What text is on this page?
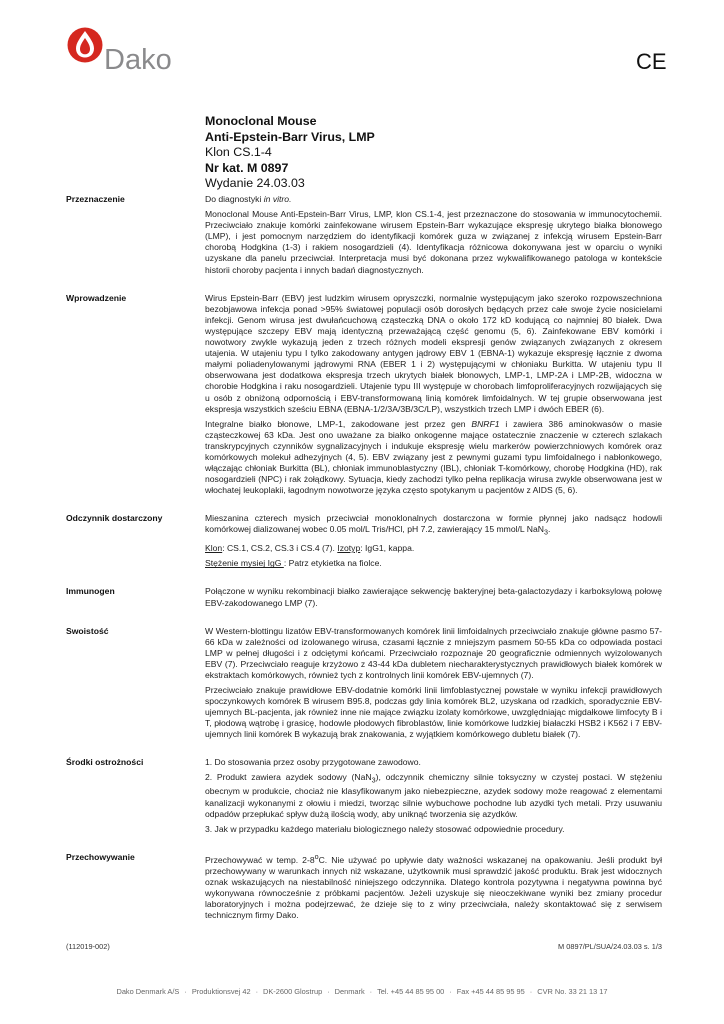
Dako	CE
Monoclonal Mouse
Anti-Epstein-Barr Virus, LMP
Klon CS.1-4
Nr kat. M 0897
Wydanie 24.03.03
Przeznaczenie	Do diagnostyki in vitro.

Monoclonal Mouse Anti-Epstein-Barr Virus, LMP, klon CS.1-4, jest przeznaczone do stosowania w immunocytochemii. Przeciwciało znakuje komórki zainfekowane wirusem Epstein-Barr wykazujące ekspresję ukrytego białka błonowego (LMP), i jest pomocnym narzędziem do identyfikacji komórek guza w związanej z infekcją wirusem Epstein-Barr chorobą Hodgkina (1-3) i rakiem nosogardzieli (4). Identyfikacja różnicowa dokonywana jest w oparciu o wyniki uzyskane dla panelu przeciwciał. Interpretacja musi być dokonana przez wykwalifikowanego patologa w kontekście historii choroby pacjenta i innych badań diagnostycznych.

Wprowadzenie	Wirus Epstein-Barr (EBV) jest ludzkim wirusem opryszczki, normalnie występującym jako szeroko rozpowszechniona bezobjawowa infekcja ponad >95% światowej populacji osób dorosłych będących przez całe swoje życie nosicielami infekcji. Genom wirusa jest dwułańcuchową cząsteczką DNA o około 172 kD kodującą co najmniej 80 białek. Dwa występujące szczepy EBV mają identyczną przeważającą część genomu (5, 6). Zainfekowane EBV komórki i nowotwory zwykle wykazują jeden z trzech różnych modeli ekspresji genów związanych związanych z okresem utajenia. W utajeniu typu I tylko zakodowany antygen jądrowy EBV 1 (EBNA-1) wykazuje ekspresję łącznie z dwoma małymi poliadenylowanymi jądrowymi RNA (EBER 1 i 2) występującymi w chłoniaku Burkitta. W utajeniu typu II obserwowana jest dodatkowa ekspresja trzech ukrytych białek błonowych, LMP-1, LMP-2A i LMP-2B, widoczna w chorobie Hodgkina i raku nosogardzieli. Utajenie typu III występuje w chorobach limfoproliferacyjnych rozwijających się u osób z obniżoną odpornością i EBV-transformowaną linią komórek limfoidalnych. W tej grupie obserwowana jest ekspresja wszystkich sześciu EBNA (EBNA-1/2/3A/3B/3C/LP), wszystkich trzech LMP i dwóch EBER (6).

Integralne białko błonowe, LMP-1, zakodowane jest przez gen BNRF1 i zawiera 386 aminokwasów o masie cząsteczkowej 63 kDa. Jest ono uważane za białko onkogenne mające ostatecznie znaczenie w czterech szlakach transkrypcyjnych czynników sygnalizacyjnych i indukuje ekspresję wielu markerów powierzchniowych komórek oraz komórkowych molekuł adhezyjnych (4, 5). EBV związany jest z pewnymi guzami typu limfoidalnego i nabłonkowego, włączając chłoniak Burkitta (BL), chłoniak immunoblastyczny (IBL), chłoniak T-komórkowy, chorobę Hodgkina (HD), rak nosogardzieli (NPC) i rak żołądkowy. Sytuacja, kiedy zachodzi tylko pełna replikacja wirusa zwykle obserwowana jest w włochatej leukoplakii, łagodnym nowotworze języka często spotykanym u pacjentów z AIDS (5, 6).

Odczynnik dostarczony	Mieszanina czterech mysich przeciwciał monoklonalnych dostarczona w formie płynnej jako nadsącz hodowli komórkowej dializowanej wobec 0.05 mol/L Tris/HCl, pH 7.2, zawierający 15 mmol/L NaN$_3$.

Klon: CS.1, CS.2, CS.3 i CS.4 (7). Izotyp: IgG1, kappa.

Stężenie mysiej IgG : Patrz etykietka na fiolce.

Immunogen	Połączone w wyniku rekombinacji białko zawierające sekwencję bakteryjnej beta-galactozydazy i karboksylową połowę EBV-zakodowanego LMP (7).

Swoistość	W Western-blottingu lizatów EBV-transformowanych komórek linii limfoidalnych przeciwciało znakuje główne pasmo 57-66 kDa w zależności od izolowanego wirusa, czasami łącznie z mniejszym pasmem 50-55 kDa co odpowiada postaci LMP w pełnej długości i z odciętymi końcami. Przeciwciało rozpoznaje 20 geograficznie odmiennych wyizolowanych EBV (7). Przeciwciało reaguje krzyżowo z 43-44 kDa dubletem niecharakterystycznych prawidłowych białek komórek w ekstraktach komórkowych, również tych z kontrolnych linii komórek EBV-ujemnych (7).

Przeciwciało znakuje prawidłowe EBV-dodatnie komórki linii limfoblastycznej powstałe w wyniku infekcji prawidłowych spoczynkowych komórek B wirusem B95.8, podczas gdy linia komórek BL2, uzyskana od rzadkich, sporadycznie EBV-ujemnych BL-pacjenta, jak również inne nie mające związku izolaty komórkowe, uwzględniając migdałkowe limfocyty B i T, płodową wątrobę i grasicę, hodowle płodowych fibroblastów, linie komórkowe ludzkiej białaczki HSB2 i K562 i 7 EBV-ujemnych linii komórek B wykazują brak znakowania, z wyjątkiem komórkowego dubletu białek (7).

Środki ostrożności	1. Do stosowania przez osoby przygotowane zawodowo.

2. Produkt zawiera azydek sodowy (NaN$_3$), odczynnik chemiczny silnie toksyczny w czystej postaci. W stężeniu obecnym w produkcie, chociaż nie klasyfikowanym jako niebezpieczne, azydek sodowy może reagować z elementami kanalizacji wykonanymi z ołowiu i miedzi, tworząc silnie wybuchowe pochodne lub azydki tych metali. Przy usuwaniu odpadów przepłukać spływ dużą ilością wody, aby uniknąć tworzenia się azydków.

3. Jak w przypadku każdego materiału biologicznego należy stosować odpowiednie procedury.

Przechowywanie	Przechowywać w temp. 2-8$^o$C. Nie używać po upływie daty ważności wskazanej na opakowaniu. Jeśli produkt był przechowywany w warunkach innych niż wskazane, użytkownik musi sprawdzić jakość produktu. Brak jest widocznych oznak wskazujących na niestabilność niniejszego odczynnika. Dlatego kontrola pozytywna i negatywna powinna być wykonywana równocześnie z próbkami pacjentów. Jeżeli uzyskuje się nieoczekiwane wyniki bez zmiany procedur laboratoryjnych i można podejrzewać, że dzieje się to z winy przeciwciała, należy skontaktować się z serwisem technicznym firmy Dako.

(112019-002)	M 0897/PL/SUA/24.03.03 s. 1/3
Dako Denmark A/S · Produktionsvej 42 · DK-2600 Glostrup · Denmark · Tel. +45 44 85 95 00 · Fax +45 44 85 95 95 · CVR No. 33 21 13 17
